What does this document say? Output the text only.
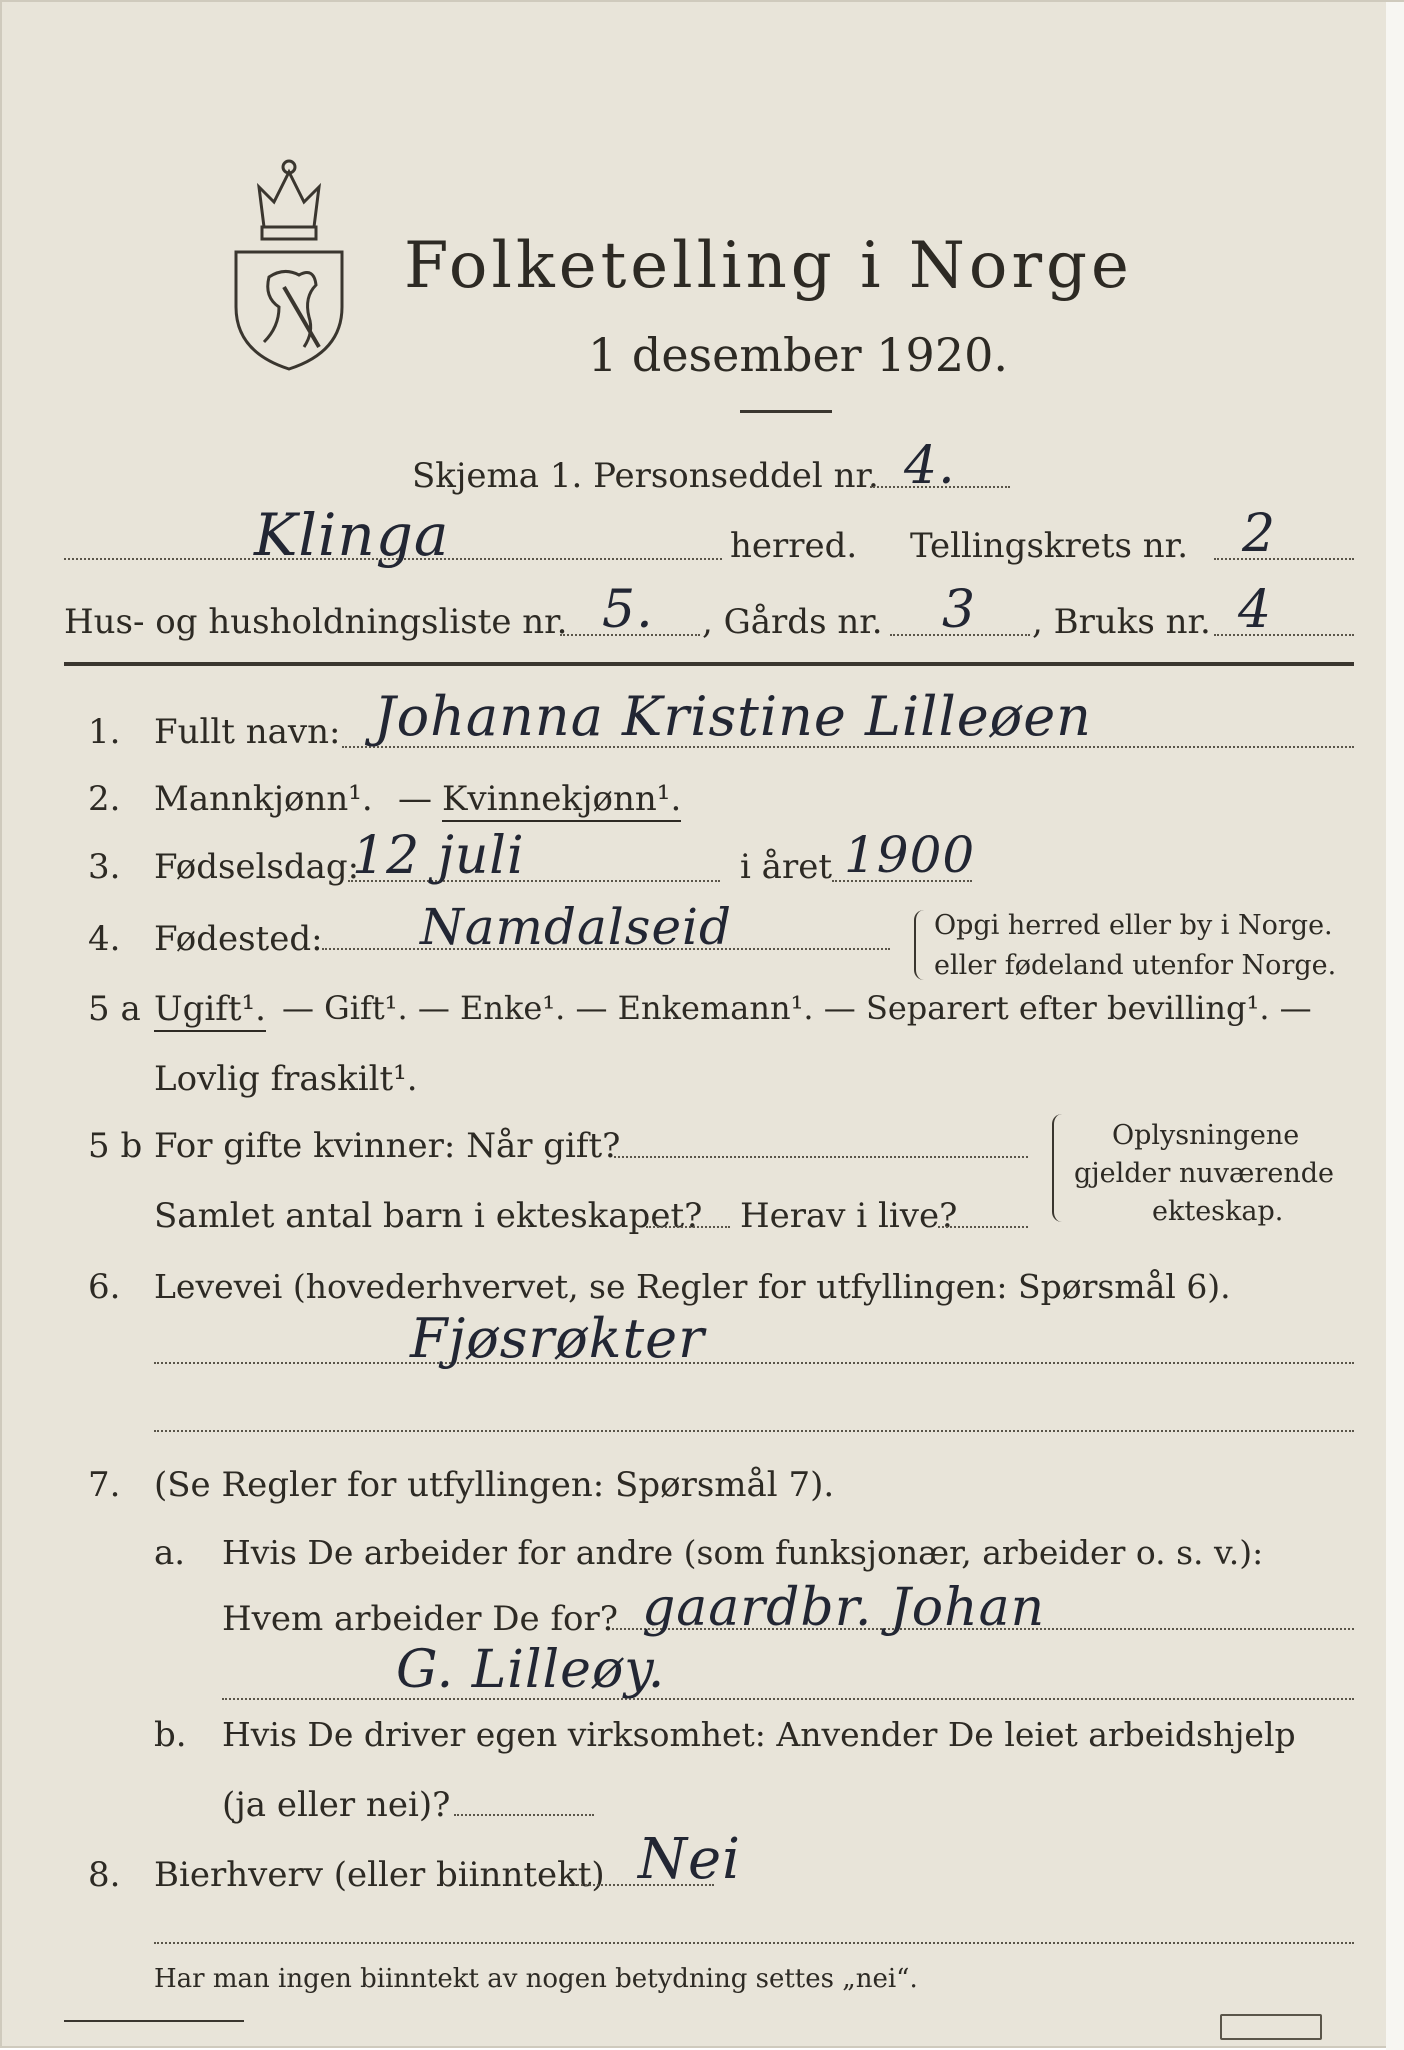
Folketelling i Norge
1 desember 1920.
Skjema 1. Personseddel nr. 4.
Klinga	herred. Tellingskrets nr. 2
Hus- og husholdningsliste nr. 5. , Gårds nr. 3 , Bruks nr. 4
1. Fullt navn: Johanna Kristine Lilleøen
2. Mannkjønn¹. — Kvinnekjønn¹.
3. Fødselsdag:
12 juli	i året 1900
4. Fødested: Namdalseid	Opgi herred eller by i Norge.
eller fødeland utenfor Norge.
5 a Ugift¹. — Gift¹. — Enke¹. — Enkemann¹. — Separert efter bevilling¹. —
Lovlig fraskilt¹.
5 b For gifte kvinner: Når gift?
Samlet antal barn i ekteskapet? Herav i live?
Oplysningene
gjelder nuværende
ekteskap.
6. Levevei (hovederhvervet, se Regler for utfyllingen: Spørsmål 6).
Fjøsrøkter
7. (Se Regler for utfyllingen: Spørsmål 7).
a. Hvis De arbeider for andre (som funksjonær, arbeider o. s. v.):
Hvem arbeider De for? gaardbr. Johan
G. Lilleøy.
b. Hvis De driver egen virksomhet: Anvender De leiet arbeidshjelp
(ja eller nei)?
8. Bierhverv (eller biinntekt) Nei
Har man ingen biinntekt av nogen betydning settes „nei“.
